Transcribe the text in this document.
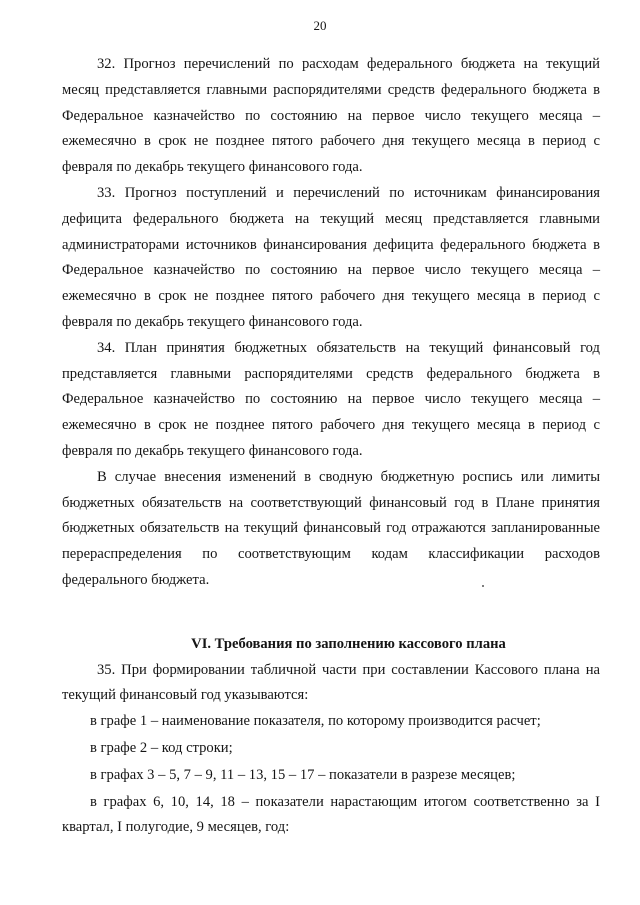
20

32. Прогноз перечислений по расходам федерального бюджета на текущий месяц представляется главными распорядителями средств федерального бюджета в Федеральное казначейство по состоянию на первое число текущего месяца – ежемесячно в срок не позднее пятого рабочего дня текущего месяца в период с февраля по декабрь текущего финансового года.

33. Прогноз поступлений и перечислений по источникам финансирования дефицита федерального бюджета на текущий месяц представляется главными администраторами источников финансирования дефицита федерального бюджета в Федеральное казначейство по состоянию на первое число текущего месяца – ежемесячно в срок не позднее пятого рабочего дня текущего месяца в период с февраля по декабрь текущего финансового года.

34. План принятия бюджетных обязательств на текущий финансовый год представляется главными распорядителями средств федерального бюджета в Федеральное казначейство по состоянию на первое число текущего месяца – ежемесячно в срок не позднее пятого рабочего дня текущего месяца в период с февраля по декабрь текущего финансового года.

В случае внесения изменений в сводную бюджетную роспись или лимиты бюджетных обязательств на соответствующий финансовый год в Плане принятия бюджетных обязательств на текущий финансовый год отражаются запланированные перераспределения по соответствующим кодам классификации расходов федерального бюджета.

VI. Требования по заполнению кассового плана

35. При формировании табличной части при составлении Кассового плана на текущий финансовый год указываются:

в графе 1 – наименование показателя, по которому производится расчет;

в графе 2 – код строки;

в графах 3 – 5, 7 – 9, 11 – 13, 15 – 17 – показатели в разрезе месяцев;

в графах 6, 10, 14, 18 – показатели нарастающим итогом соответственно за I квартал, I полугодие, 9 месяцев, год:
